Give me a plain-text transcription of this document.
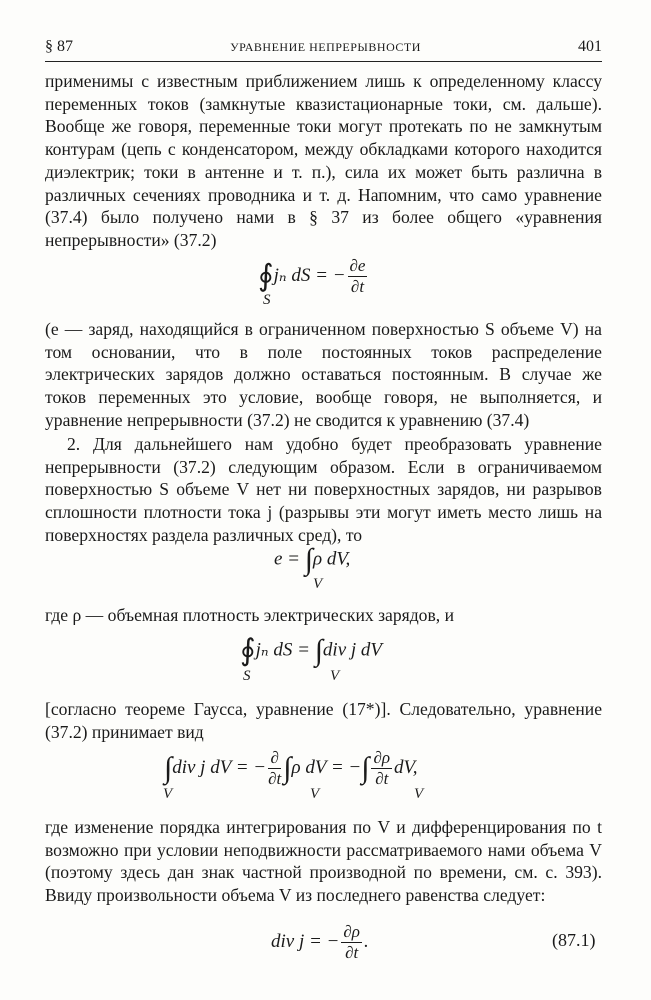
§ 87	УРАВНЕНИЕ НЕПРЕРЫВНОСТИ	401
применимы с известным приближением лишь к определенному классу переменных токов (замкнутые квазистационарные токи, см. дальше). Вообще же говоря, переменные токи могут протекать по не замкнутым контурам (цепь с конденсатором, между обкладками которого находится диэлектрик; токи в антенне и т. п.), сила их может быть различна в различных сечениях проводника и т. д. Напомним, что само уравнение (37.4) было получено нами в § 37 из более общего «уравнения непрерывности» (37.2)
∮jₙ dS = − $\frac{\partial e}{\partial t}$
S
(e — заряд, находящийся в ограниченном поверхностью S объеме V) на том основании, что в поле постоянных токов распределение электрических зарядов должно оставаться постоянным. В случае же токов переменных это условие, вообще говоря, не выполняется, и уравнение непрерывности (37.2) не сводится к уравнению (37.4)
2. Для дальнейшего нам удобно будет преобразовать уравнение непрерывности (37.2) следующим образом. Если в ограничиваемом поверхностью S объеме V нет ни поверхностных зарядов, ни разрывов сплошности плотности тока j (разрывы эти могут иметь место лишь на поверхностях раздела различных сред), то
e = ∫ρ dV,
V
где ρ — объемная плотность электрических зарядов, и
∮jₙ dS = ∫div j dV
S	V
[согласно теореме Гаусса, уравнение (17*)]. Следовательно, уравнение (37.2) принимает вид
∫div j dV = − $\frac{\partial}{\partial t} \int\rho$ dV = −∫ $\frac{\partial\rho}{\partial t}$ dV,
V	V	V
где изменение порядка интегрирования по V и дифференцирования по t возможно при условии неподвижности рассматриваемого нами объема V (поэтому здесь дан знак частной производной по времени, см. с. 393). Ввиду произвольности объема V из последнего равенства следует:
div j = − $\frac{\partial\rho}{\partial t}$ .	(87.1)
